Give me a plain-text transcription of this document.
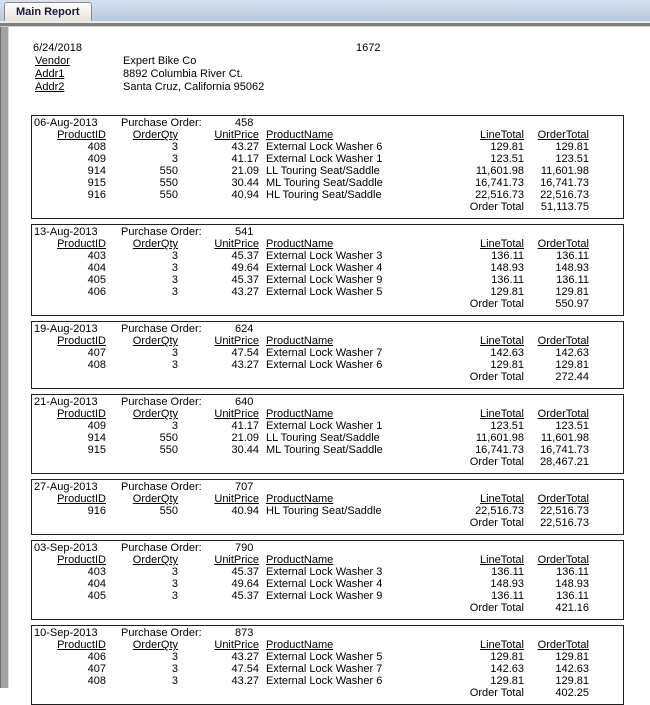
Main Report
6/24/2018	1672
Vendor	Expert Bike Co
Addr1	8892 Columbia River Ct.
Addr2	Santa Cruz, California 95062
06-Aug-2013 Purchase Order:	458
ProductID	OrderQty	UnitPrice ProductName	LineTotal	OrderTotal
408	3	43.27 External Lock Washer 6	129.81	129.81
409	3	41.17 External Lock Washer 1	123.51	123.51
914	550	21.09 LL Touring Seat/Saddle	11,601.98	11,601.98
915	550	30.44 ML Touring Seat/Saddle	16,741.73	16,741.73
916	550	40.94 HL Touring Seat/Saddle	22,516.73	22,516.73
Order Total	51,113.75
13-Aug-2013 Purchase Order:	541
ProductID	OrderQty	UnitPrice ProductName	LineTotal	OrderTotal
403	3	45.37 External Lock Washer 3	136.11	136.11
404	3	49.64 External Lock Washer 4	148.93	148.93
405	3	45.37 External Lock Washer 9	136.11	136.11
406	3	43.27 External Lock Washer 5	129.81	129.81
Order Total	550.97
19-Aug-2013 Purchase Order:	624
ProductID	OrderQty	UnitPrice ProductName	LineTotal	OrderTotal
407	3	47.54 External Lock Washer 7	142.63	142.63
408	3	43.27 External Lock Washer 6	129.81	129.81
Order Total	272.44
21-Aug-2013 Purchase Order:	640
ProductID	OrderQty	UnitPrice ProductName	LineTotal	OrderTotal
409	3	41.17 External Lock Washer 1	123.51	123.51
914	550	21.09 LL Touring Seat/Saddle	11,601.98	11,601.98
915	550	30.44 ML Touring Seat/Saddle	16,741.73	16,741.73
Order Total	28,467.21
27-Aug-2013 Purchase Order:	707
ProductID	OrderQty	UnitPrice ProductName	LineTotal	OrderTotal
916	550	40.94 HL Touring Seat/Saddle	22,516.73	22,516.73
Order Total	22,516.73
03-Sep-2013 Purchase Order:	790
ProductID	OrderQty	UnitPrice ProductName	LineTotal	OrderTotal
403	3	45.37 External Lock Washer 3	136.11	136.11
404	3	49.64 External Lock Washer 4	148.93	148.93
405	3	45.37 External Lock Washer 9	136.11	136.11
Order Total	421.16
10-Sep-2013 Purchase Order:	873
ProductID	OrderQty	UnitPrice ProductName	LineTotal	OrderTotal
406	3	43.27 External Lock Washer 5	129.81	129.81
407	3	47.54 External Lock Washer 7	142.63	142.63
408	3	43.27 External Lock Washer 6	129.81	129.81
Order Total	402.25
